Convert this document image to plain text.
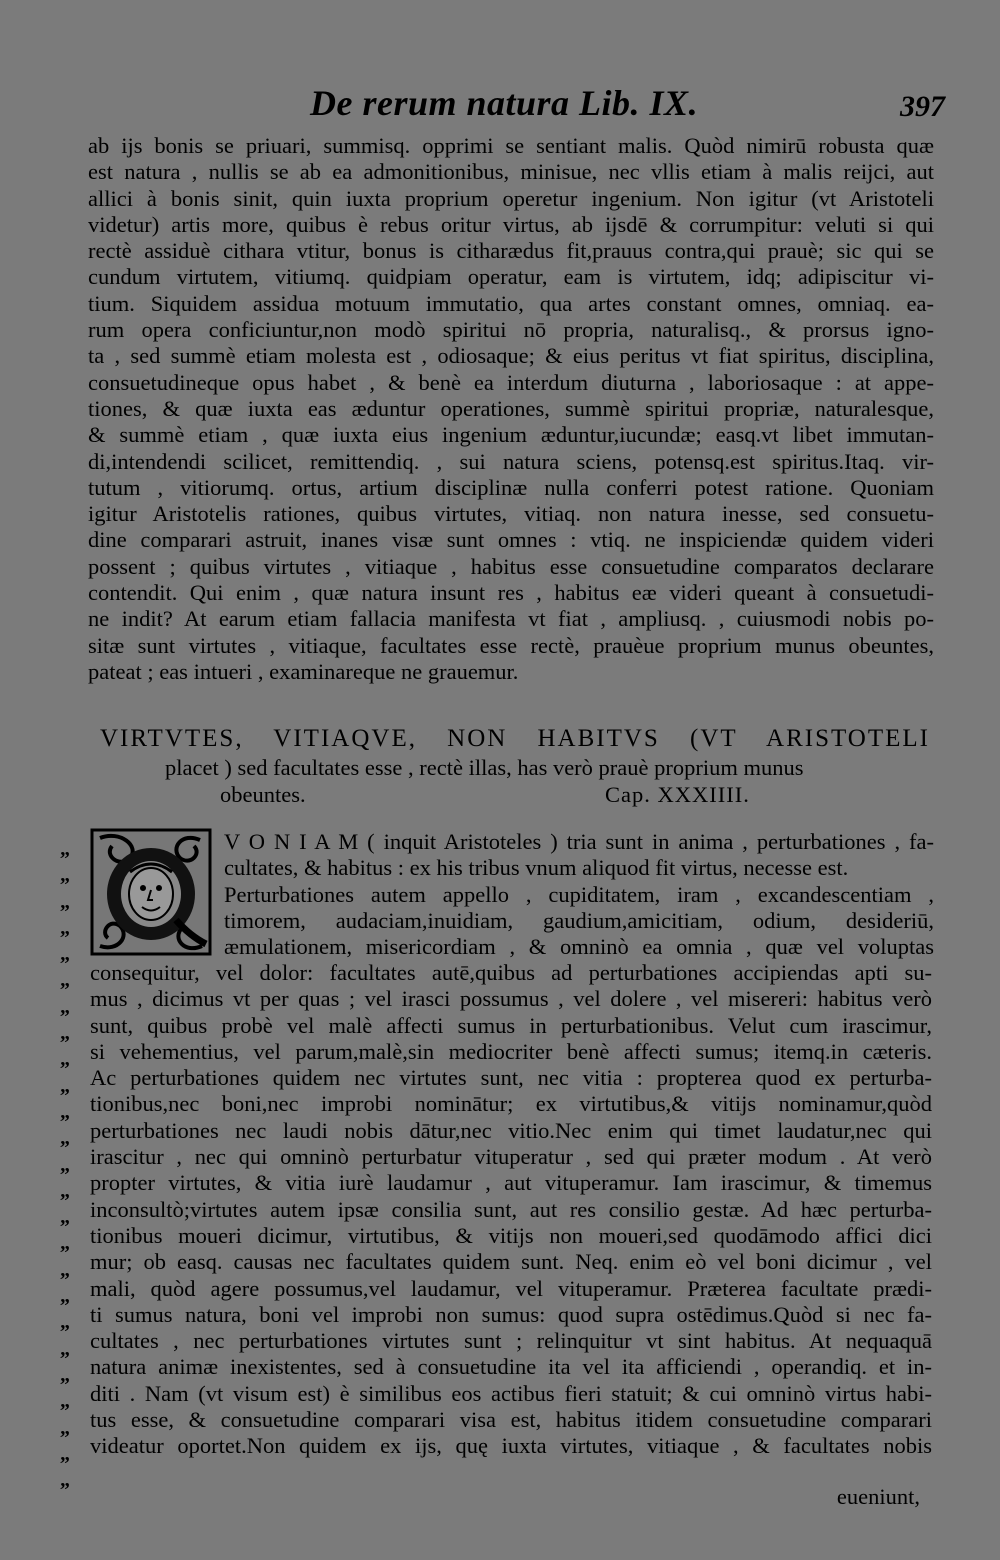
De rerum natura Lib. IX.	397
ab ijs bonis se priuari, summisq. opprimi se sentiant malis. Quòd nimirū robusta quæ
est natura , nullis se ab ea admonitionibus, minisue, nec vllis etiam à malis reijci, aut
allici à bonis sinit, quin iuxta proprium operetur ingenium. Non igitur (vt Aristoteli
videtur) artis more, quibus è rebus oritur virtus, ab ijsdē & corrumpitur: veluti si qui
rectè assiduè cithara vtitur, bonus is citharædus fit,prauus contra,qui prauè; sic qui se
cundum virtutem, vitiumq. quidpiam operatur, eam is virtutem, idq; adipiscitur vi-
tium. Siquidem assidua motuum immutatio, qua artes constant omnes, omniaq. ea-
rum opera conficiuntur,non modò spiritui nō propria, naturalisq., & prorsus igno-
ta , sed summè etiam molesta est , odiosaque; & eius peritus vt fiat spiritus, disciplina,
consuetudineque opus habet , & benè ea interdum diuturna , laboriosaque : at appe-
tiones, & quæ iuxta eas æduntur operationes, summè spiritui propriæ, naturalesque,
& summè etiam , quæ iuxta eius ingenium æduntur,iucundæ; easq.vt libet immutan-
di,intendendi scilicet, remittendiq. , sui natura sciens, potensq.est spiritus.Itaq. vir-
tutum , vitiorumq. ortus, artium disciplinæ nulla conferri potest ratione. Quoniam
igitur Aristotelis rationes, quibus virtutes, vitiaq. non natura inesse, sed consuetu-
dine comparari astruit, inanes visæ sunt omnes : vtiq. ne inspiciendæ quidem videri
possent ; quibus virtutes , vitiaque , habitus esse consuetudine comparatos declarare
contendit. Qui enim , quæ natura insunt res , habitus eæ videri queant à consuetudi-
ne indit? At earum etiam fallacia manifesta vt fiat , ampliusq. , cuiusmodi nobis po-
sitæ sunt virtutes , vitiaque, facultates esse rectè, prauèue proprium munus obeuntes,
pateat ; eas intueri , examinareque ne grauemur.
VIRTVTES, VITIAQVE, NON HABITVS (VT ARISTOTELI
placet ) sed facultates esse , rectè illas, has verò prauè proprium munus
obeuntes.	Cap. XXXIIII.
„
„
„
„
„
„
„
„
„
„
„
„
„
„
„
„
„
„
„
„
„
„
„
„
„
V O N I A M ( inquit Aristoteles ) tria sunt in anima , perturbationes , fa-
cultates, & habitus : ex his tribus vnum aliquod fit virtus, necesse est.
Perturbationes autem appello , cupiditatem, iram , excandescentiam ,
timorem, audaciam,inuidiam, gaudium,amicitiam, odium, desideriū,
æmulationem, misericordiam , & omninò ea omnia , quæ vel voluptas
consequitur, vel dolor: facultates autē,quibus ad perturbationes accipiendas apti su-
mus , dicimus vt per quas ; vel irasci possumus , vel dolere , vel misereri: habitus verò
sunt, quibus probè vel malè affecti sumus in perturbationibus. Velut cum irascimur,
si vehementius, vel parum,malè,sin mediocriter benè affecti sumus; itemq.in cæteris.
Ac perturbationes quidem nec virtutes sunt, nec vitia : propterea quod ex perturba-
tionibus,nec boni,nec improbi nominātur; ex virtutibus,& vitijs nominamur,quòd
perturbationes nec laudi nobis dātur,nec vitio.Nec enim qui timet laudatur,nec qui
irascitur , nec qui omninò perturbatur vituperatur , sed qui præter modum . At verò
propter virtutes, & vitia iurè laudamur , aut vituperamur. Iam irascimur, & timemus
inconsultò;virtutes autem ipsæ consilia sunt, aut res consilio gestæ. Ad hæc perturba-
tionibus moueri dicimur, virtutibus, & vitijs non moueri,sed quodāmodo affici dici
mur; ob easq. causas nec facultates quidem sunt. Neq. enim eò vel boni dicimur , vel
mali, quòd agere possumus,vel laudamur, vel vituperamur. Præterea facultate prædi-
ti sumus natura, boni vel improbi non sumus: quod supra ostēdimus.Quòd si nec fa-
cultates , nec perturbationes virtutes sunt ; relinquitur vt sint habitus. At nequaquā
natura animæ inexistentes, sed à consuetudine ita vel ita afficiendi , operandiq. et in-
diti . Nam (vt visum est) è similibus eos actibus fieri statuit; & cui omninò virtus habi-
tus esse, & consuetudine comparari visa est, habitus itidem consuetudine comparari
videatur oportet.Non quidem ex ijs, quę iuxta virtutes, vitiaque , & facultates nobis
eueniunt,
